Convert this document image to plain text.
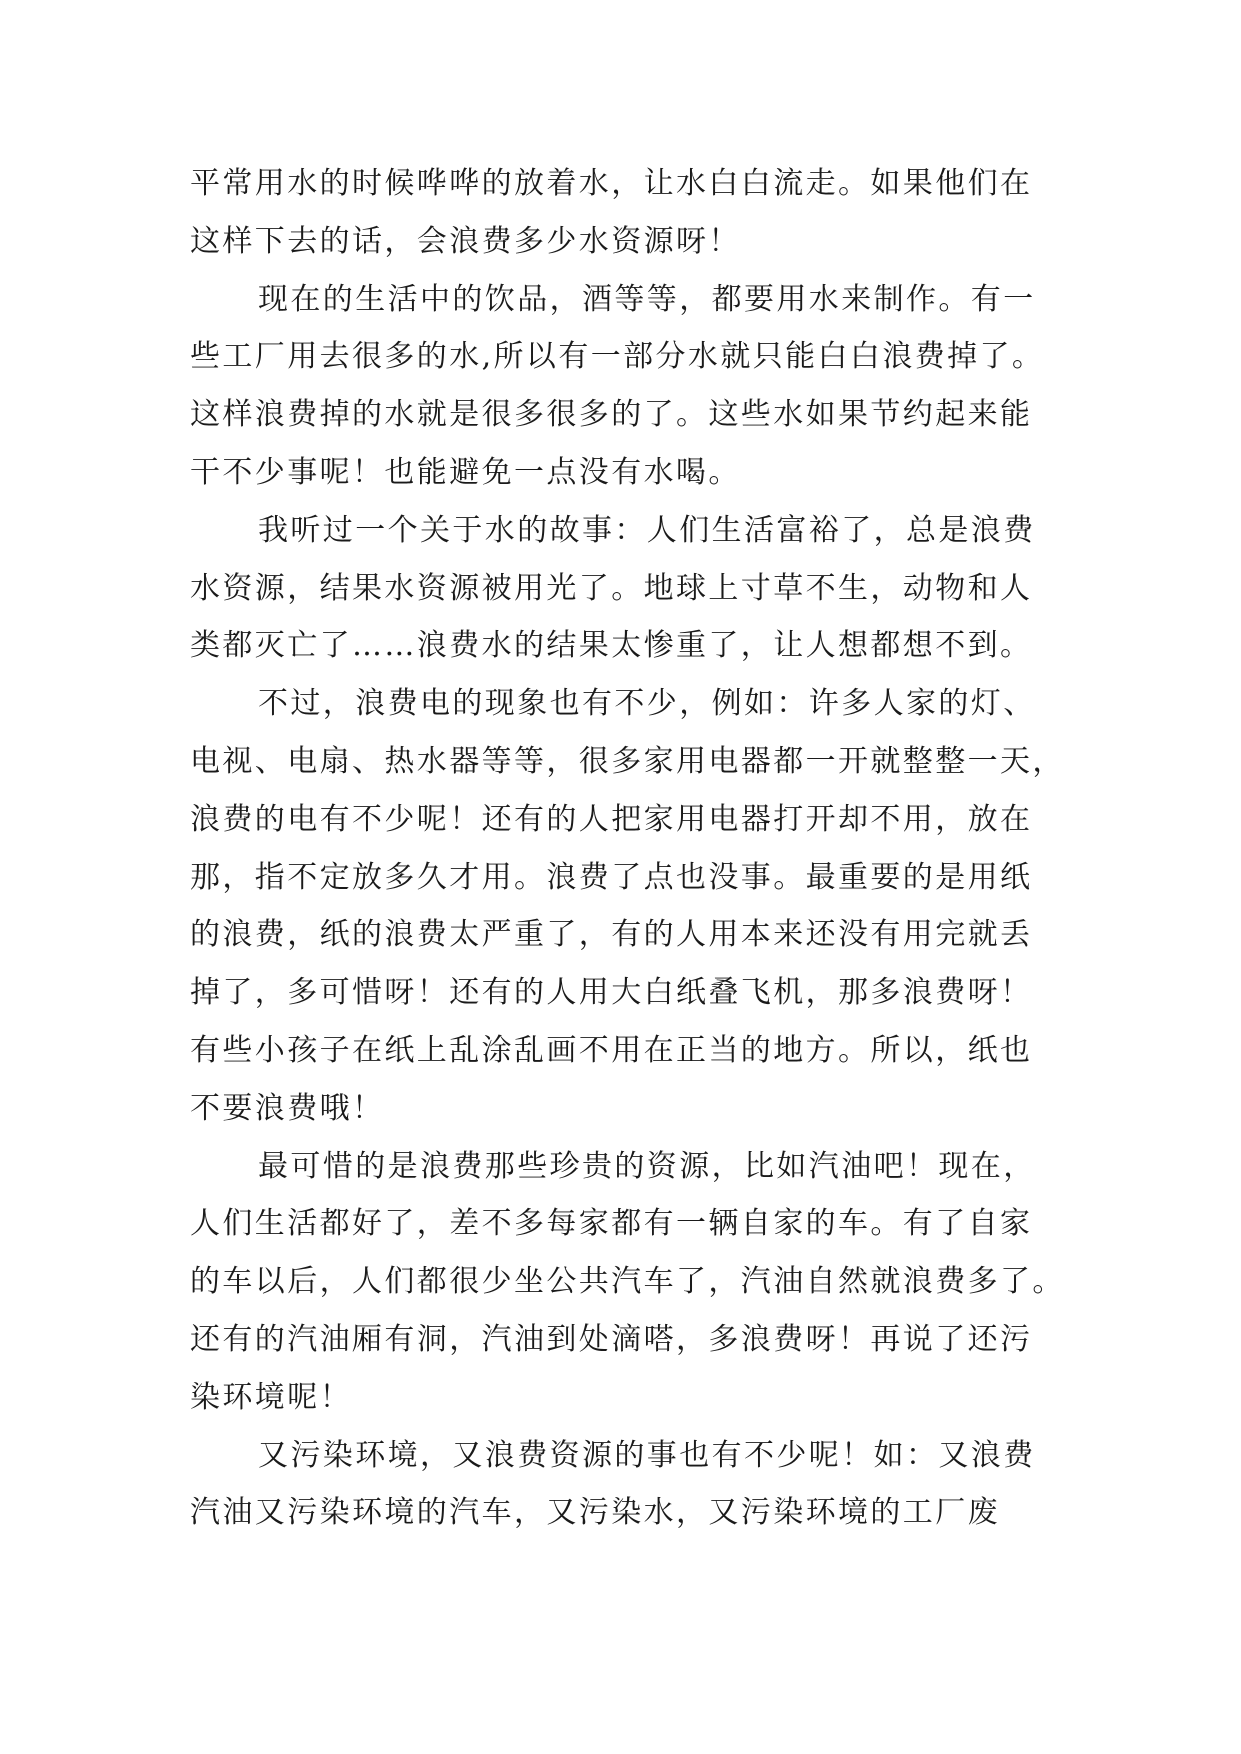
平常用水的时候哗哗的放着水，让水白白流走。如果他们在
这样下去的话，会浪费多少水资源呀！
现在的生活中的饮品，酒等等，都要用水来制作。有一
些工厂用去很多的水,所以有一部分水就只能白白浪费掉了。
这样浪费掉的水就是很多很多的了。这些水如果节约起来能
干不少事呢！也能避免一点没有水喝。
我听过一个关于水的故事：人们生活富裕了，总是浪费
水资源，结果水资源被用光了。地球上寸草不生，动物和人
类都灭亡了……浪费水的结果太惨重了，让人想都想不到。
不过，浪费电的现象也有不少，例如：许多人家的灯、
电视、电扇、热水器等等，很多家用电器都一开就整整一天，
浪费的电有不少呢！还有的人把家用电器打开却不用，放在
那，指不定放多久才用。浪费了点也没事。最重要的是用纸
的浪费，纸的浪费太严重了，有的人用本来还没有用完就丢
掉了，多可惜呀！还有的人用大白纸叠飞机，那多浪费呀！
有些小孩子在纸上乱涂乱画不用在正当的地方。所以，纸也
不要浪费哦！
最可惜的是浪费那些珍贵的资源，比如汽油吧！现在，
人们生活都好了，差不多每家都有一辆自家的车。有了自家
的车以后，人们都很少坐公共汽车了，汽油自然就浪费多了。
还有的汽油厢有洞，汽油到处滴嗒，多浪费呀！再说了还污
染环境呢！
又污染环境，又浪费资源的事也有不少呢！如：又浪费
汽油又污染环境的汽车，又污染水，又污染环境的工厂废
